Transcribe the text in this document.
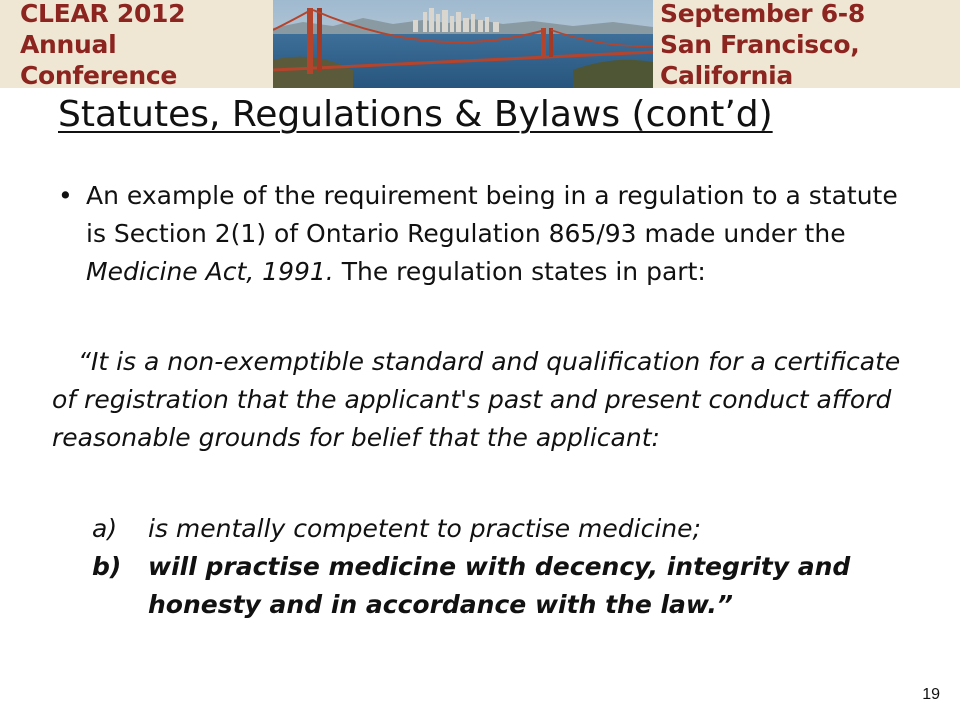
CLEAR 2012
Annual Conference
September 6-8
San Francisco, California
Statutes, Regulations & Bylaws (cont’d)
• An example of the requirement being in a regulation to a statute is Section 2(1) of Ontario Regulation 865/93 made under the Medicine Act, 1991. The regulation states in part:
“It is a non-exemptible standard and qualification for a certificate of registration that the applicant's past and present conduct afford reasonable grounds for belief that the applicant:
a)	is mentally competent to practise medicine;
b)	will practise medicine with decency, integrity and honesty and in accordance with the law.”
19
